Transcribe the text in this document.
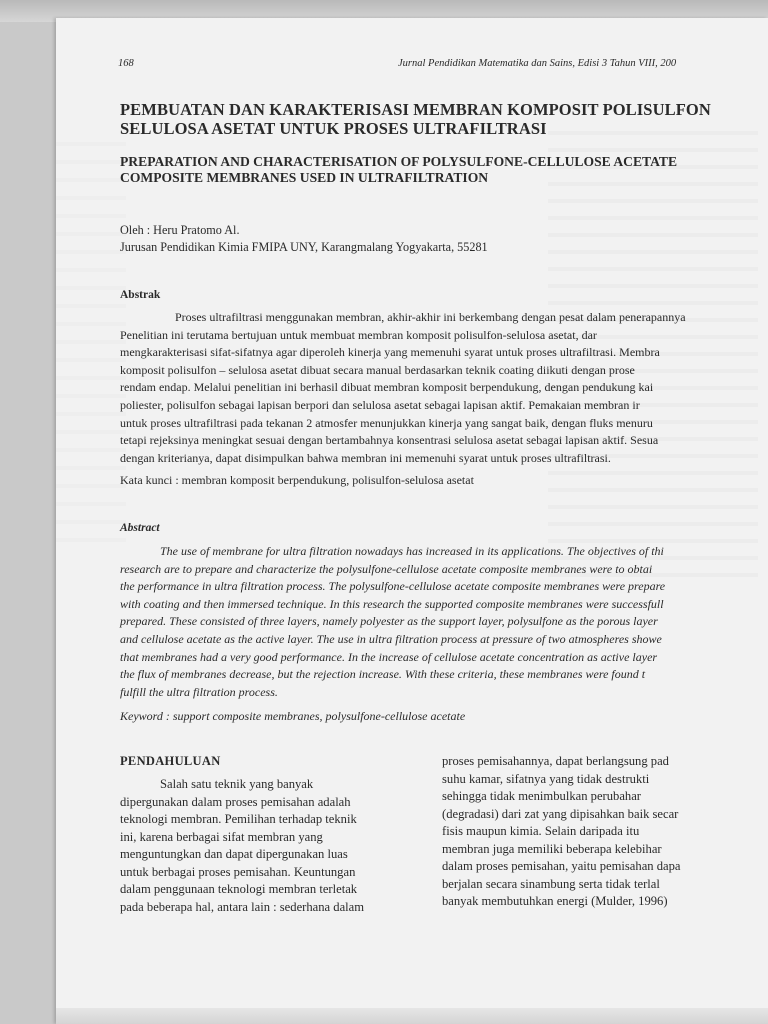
168	Jurnal Pendidikan Matematika dan Sains, Edisi 3 Tahun VIII, 200
PEMBUATAN DAN KARAKTERISASI MEMBRAN KOMPOSIT POLISULFON
SELULOSA ASETAT UNTUK PROSES ULTRAFILTRASI
PREPARATION AND CHARACTERISATION OF POLYSULFONE-CELLULOSE ACETATE
COMPOSITE MEMBRANES USED IN ULTRAFILTRATION
Oleh : Heru Pratomo Al.
Jurusan Pendidikan Kimia FMIPA UNY, Karangmalang Yogyakarta, 55281
Abstrak
Proses ultrafiltrasi menggunakan membran, akhir-akhir ini berkembang dengan pesat dalam penerapannya
Penelitian ini terutama bertujuan untuk membuat membran komposit polisulfon-selulosa asetat, dar
mengkarakterisasi sifat-sifatnya agar diperoleh kinerja yang memenuhi syarat untuk proses ultrafiltrasi. Membra
komposit polisulfon – selulosa asetat dibuat secara manual berdasarkan teknik coating diikuti dengan prose
rendam endap. Melalui penelitian ini berhasil dibuat membran komposit berpendukung, dengan pendukung kai
poliester, polisulfon sebagai lapisan berpori dan selulosa asetat sebagai lapisan aktif. Pemakaian membran ir
untuk proses ultrafiltrasi pada tekanan 2 atmosfer menunjukkan kinerja yang sangat baik, dengan fluks menuru
tetapi rejeksinya meningkat sesuai dengan bertambahnya konsentrasi selulosa asetat sebagai lapisan aktif. Sesua
dengan kriterianya, dapat disimpulkan bahwa membran ini memenuhi syarat untuk proses ultrafiltrasi.
Kata kunci : membran komposit berpendukung, polisulfon-selulosa asetat
Abstract
The use of membrane for ultra filtration nowadays has increased in its applications. The objectives of thi
research are to prepare and characterize the polysulfone-cellulose acetate composite membranes were to obtai
the performance in ultra filtration process. The polysulfone-cellulose acetate composite membranes were prepare
with coating and then immersed technique. In this research the supported composite membranes were successfull
prepared. These consisted of three layers, namely polyester as the support layer, polysulfone as the porous layer
and cellulose acetate as the active layer. The use in ultra filtration process at pressure of two atmospheres showe
that membranes had a very good performance. In the increase of cellulose acetate concentration as active layer
the flux of membranes decrease, but the rejection increase. With these criteria, these membranes were found t
fulfill the ultra filtration process.
Keyword : support composite membranes, polysulfone-cellulose acetate
PENDAHULUAN
Salah satu teknik yang banyak
dipergunakan dalam proses pemisahan adalah
teknologi membran. Pemilihan terhadap teknik
ini, karena berbagai sifat membran yang
menguntungkan dan dapat dipergunakan luas
untuk berbagai proses pemisahan. Keuntungan
dalam penggunaan teknologi membran terletak
pada beberapa hal, antara lain : sederhana dalam
proses pemisahannya, dapat berlangsung pad
suhu kamar, sifatnya yang tidak destrukti
sehingga tidak menimbulkan perubahar
(degradasi) dari zat yang dipisahkan baik secar
fisis maupun kimia. Selain daripada itu
membran juga memiliki beberapa kelebihar
dalam proses pemisahan, yaitu pemisahan dapa
berjalan secara sinambung serta tidak terlal
banyak membutuhkan energi (Mulder, 1996)
